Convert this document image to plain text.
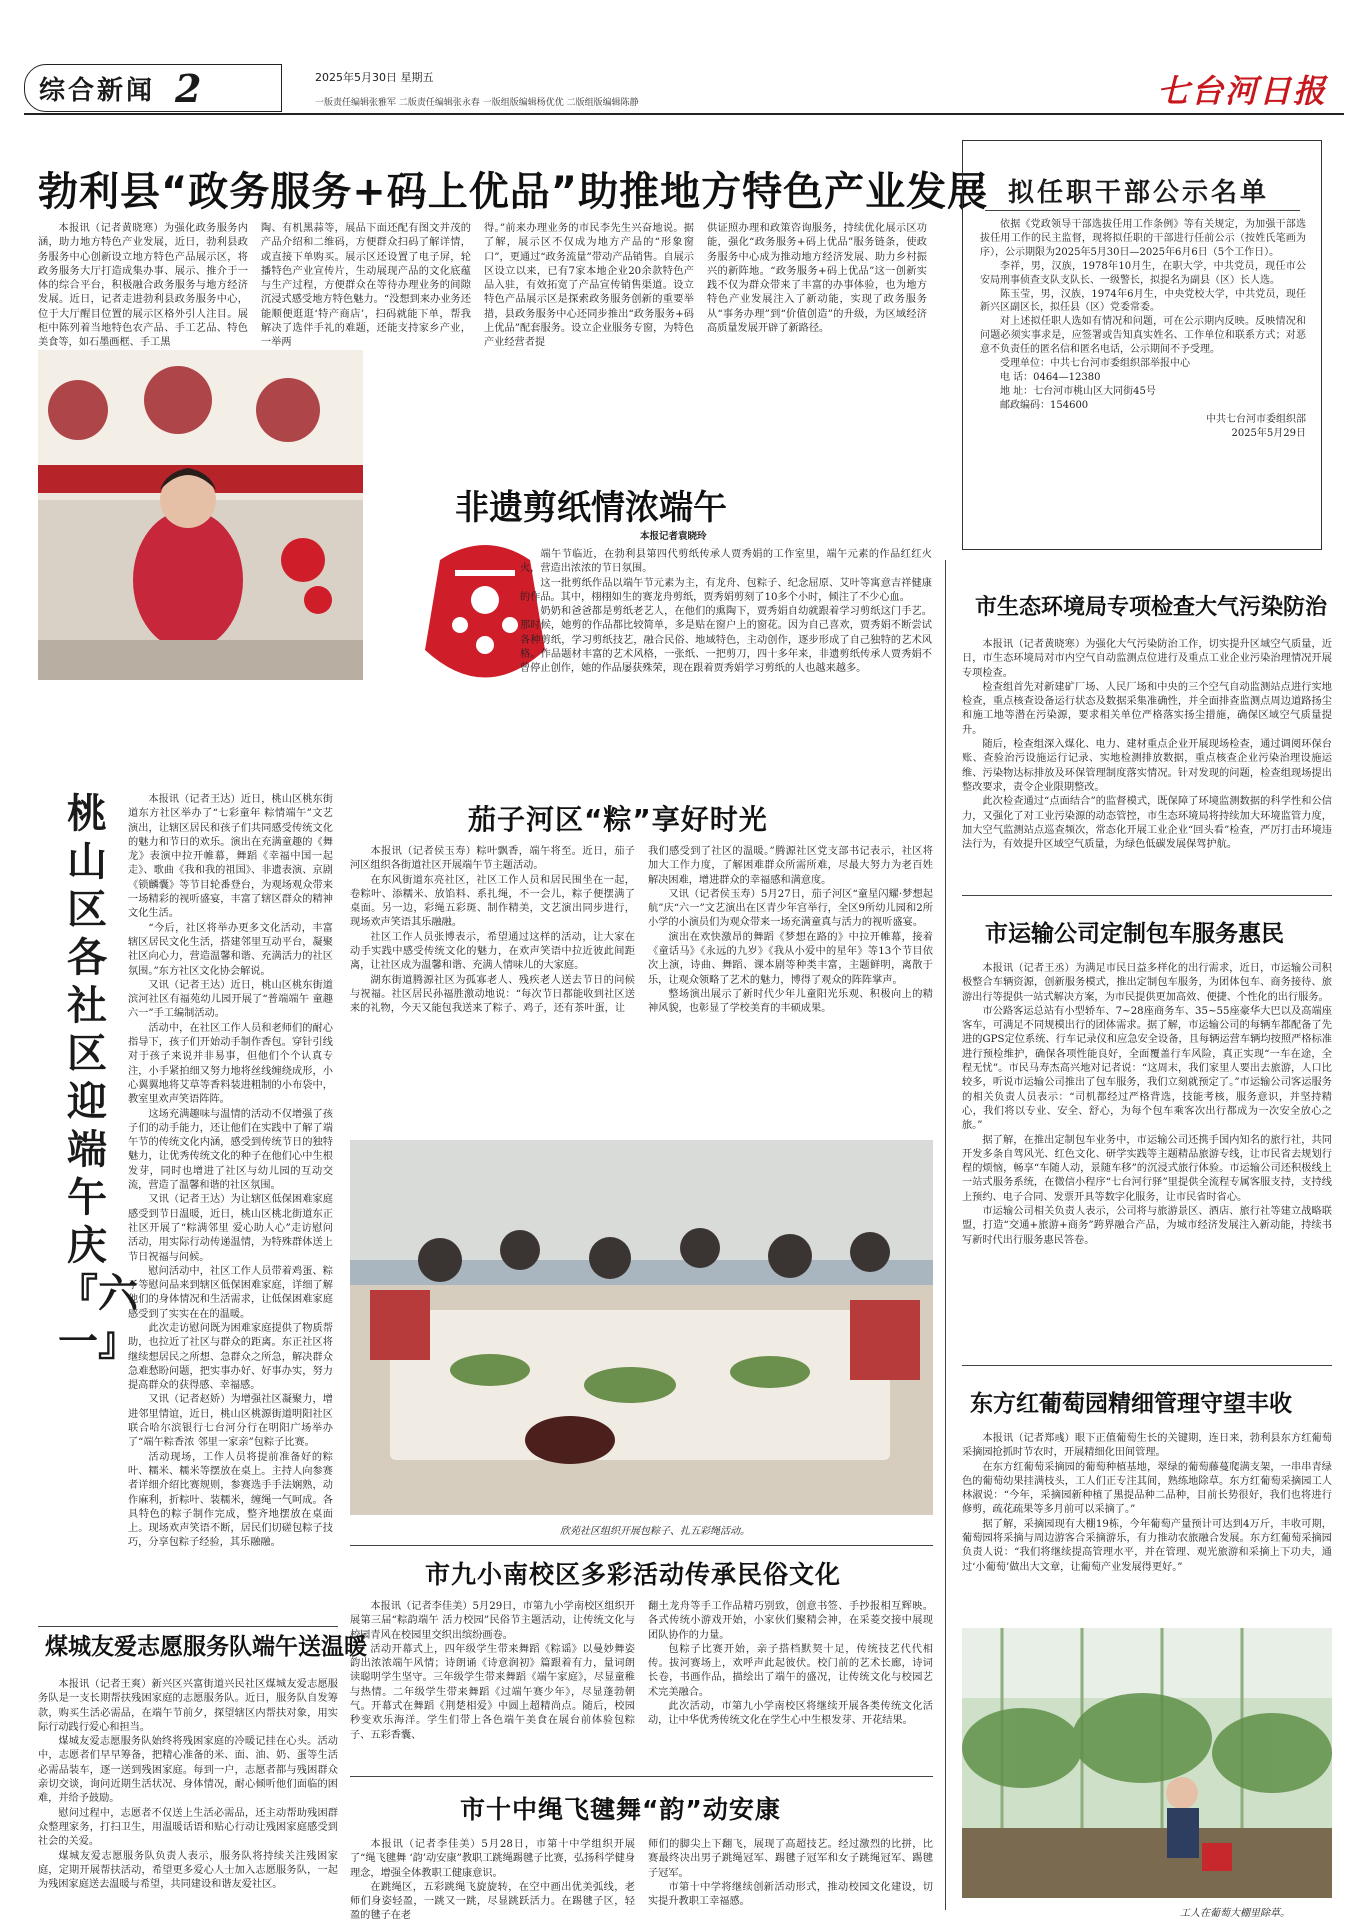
综合新闻 2	2025年5月30日 星期五
一版责任编辑张雅军 二版责任编辑张永春 一版组版编辑杨优优 二版组版编辑陈静	七台河日报
勃利县“政务服务+码上优品”助推地方特色产业发展

本报讯（记者黄晓寒）为强化政务服务内涵，助力地方特色产业发展，近日，勃利县政务服务中心创新设立地方特色产品展示区，将政务服务大厅打造成集办事、展示、推介于一体的综合平台，积极融合政务服务与地方经济发展。近日，记者走进勃利县政务服务中心，位于大厅醒目位置的展示区格外引人注目。展柜中陈列着当地特色农产品、手工艺品、特色美食等，如石墨画框、手工黑

陶、有机黑蒜等，展品下面还配有图文并茂的产品介绍和二维码，方便群众扫码了解详情，或直接下单购买。展示区还设置了电子屏，轮播特色产业宣传片，生动展现产品的文化底蕴与生产过程，方便群众在等待办理业务的间隙沉浸式感受地方特色魅力。“没想到来办业务还能顺便逛逛‘特产商店’，扫码就能下单，帮我解决了选伴手礼的难题，还能支持家乡产业，一举两

得。”前来办理业务的市民李先生兴奋地说。据了解，展示区不仅成为地方产品的“形象窗口”，更通过“政务流量”带动产品销售。自展示区设立以来，已有7家本地企业20余款特色产品入驻，有效拓宽了产品宣传销售渠道。设立特色产品展示区是探索政务服务创新的重要举措，县政务服务中心还同步推出“政务服务+码上优品”配套服务。设立企业服务专窗，为特色产业经营者提

供证照办理和政策咨询服务，持续优化展示区功能，强化“政务服务+码上优品”服务链条，使政务服务中心成为推动地方经济发展、助力乡村振兴的新阵地。“政务服务+码上优品”这一创新实践不仅为群众带来了丰富的办事体验，也为地方特色产业发展注入了新动能，实现了政务服务从“事务办理”到“价值创造”的升级，为区域经济高质量发展开辟了新路径。

拟任职干部公示名单

依据《党政领导干部选拔任用工作条例》等有关规定，为加强干部选拔任用工作的民主监督，现将拟任职的干部进行任前公示（按姓氏笔画为序），公示期限为2025年5月30日—2025年6月6日（5个工作日）。

李祥，男，汉族，1978年10月生，在职大学，中共党员，现任市公安局刑事侦查支队支队长、一级警长，拟提名为副县（区）长人选。

陈玉莹，男，汉族，1974年6月生，中央党校大学，中共党员，现任新兴区副区长，拟任县（区）党委常委。

对上述拟任职人选如有情况和问题，可在公示期内反映。反映情况和问题必须实事求是，应签署或告知真实姓名、工作单位和联系方式；对恶意不负责任的匿名信和匿名电话，公示期间不予受理。

受理单位：中共七台河市委组织部举报中心

电 话：0464—12380

地 址：七台河市桃山区大同街45号

邮政编码：154600

中共七台河市委组织部

2025年5月29日

非遗剪纸情浓端午
本报记者袁晓玲

端午节临近，在勃利县第四代剪纸传承人贾秀娟的工作室里，端午元素的作品红红火火，营造出浓浓的节日氛围。

这一批剪纸作品以端午节元素为主，有龙舟、包粽子、纪念屈原、艾叶等寓意吉祥健康的作品。其中，栩栩如生的赛龙舟剪纸，贾秀娟剪刻了10多个小时，倾注了不少心血。

奶奶和爸爸都是剪纸老艺人，在他们的熏陶下，贾秀娟自幼就跟着学习剪纸这门手艺。那时候，她剪的作品都比较简单，多是贴在窗户上的窗花。因为自己喜欢，贾秀娟不断尝试各种剪纸，学习剪纸技艺，融合民俗、地域特色，主动创作，逐步形成了自己独特的艺术风格。作品题材丰富的艺术风格，一张纸、一把剪刀，四十多年来，非遗剪纸传承人贾秀娟不曾停止创作，她的作品屡获殊荣，现在跟着贾秀娟学习剪纸的人也越来越多。

桃山区各社区迎端午庆『六一』

本报讯（记者王达）近日，桃山区桃东街道东方社区举办了“七彩童年 粽情端午”文艺演出，让辖区居民和孩子们共同感受传统文化的魅力和节日的欢乐。演出在充满童趣的《舞龙》表演中拉开帷幕，舞蹈《幸福中国一起走》、歌曲《我和我的祖国》、非遗表演、京剧《锁麟囊》等节目轮番登台，为观场观众带来一场精彩的视听盛宴，丰富了辖区群众的精神文化生活。

“今后，社区将举办更多文化活动，丰富辖区居民文化生活，搭建邻里互动平台，凝聚社区向心力，营造温馨和谐、充满活力的社区氛围。”东方社区文化协会解说。

又讯（记者王达）近日，桃山区桃东街道滨河社区有福苑幼儿园开展了“普端端午 童趣六一”手工编制活动。

活动中，在社区工作人员和老师们的耐心指导下，孩子们开始动手制作香包。穿针引线对于孩子来说并非易事，但他们个个认真专注，小手紧拍细又努力地将丝线缠绕成形，小心翼翼地将艾草等香料装进粗制的小布袋中，教室里欢声笑语阵阵。

这场充满趣味与温情的活动不仅增强了孩子们的动手能力，还让他们在实践中了解了端午节的传统文化内涵，感受到传统节日的独特魅力，让优秀传统文化的种子在他们心中生根发芽，同时也增进了社区与幼儿园的互动交流，营造了温馨和谐的社区氛围。

又讯（记者王达）为让辖区低保困难家庭感受到节日温暖，近日，桃山区桃北街道东正社区开展了“粽满邻里 爱心助人心”走访慰问活动，用实际行动传递温情，为特殊群体送上节日祝福与问候。

慰问活动中，社区工作人员带着鸡蛋、粽子等慰问品来到辖区低保困难家庭，详细了解他们的身体情况和生活需求，让低保困难家庭感受到了实实在在的温暖。

此次走访慰问既为困难家庭提供了物质帮助，也拉近了社区与群众的距离。东正社区将继续想居民之所想、急群众之所急，解决群众急难愁盼问题，把实事办好、好事办实，努力提高群众的获得感、幸福感。

又讯（记者赵娇）为增强社区凝聚力，增进邻里情谊，近日，桃山区桃源街道明阳社区联合哈尔滨银行七台河分行在明阳广场举办了“端午粽香浓 邻里一家亲”包粽子比赛。

活动现场，工作人员将提前准备好的粽叶、糯米、糯米等摆放在桌上。主持人向参赛者详细介绍比赛规则，参赛选手手法娴熟，动作麻利，折粽叶、装糯米，缠绳一气呵成。各具特色的粽子制作完成，整齐地摆放在桌面上。现场欢声笑语不断，居民们切磋包粽子技巧，分享包粽子经验，其乐融融。

煤城友爱志愿服务队端午送温暖

本报讯（记者王爽）新兴区兴富街道兴民社区煤城友爱志愿服务队是一支长期帮扶残困家庭的志愿服务队。近日，服务队自发筹款，购买生活必需品，在端午节前夕，探望辖区内帮扶对象，用实际行动践行爱心和担当。

煤城友爱志愿服务队始终将残困家庭的冷暖记挂在心头。活动中，志愿者们早早筹备，把精心准备的米、面、油、奶、蛋等生活必需品装车，逐一送到残困家庭。每到一户，志愿者都与残困群众亲切交谈，询问近期生活状况、身体情况，耐心倾听他们面临的困难，并给予鼓励。

慰问过程中，志愿者不仅送上生活必需品，还主动帮助残困群众整理家务，打扫卫生，用温暖话语和贴心行动让残困家庭感受到社会的关爱。

煤城友爱志愿服务队负责人表示，服务队将持续关注残困家庭，定期开展帮扶活动，希望更多爱心人士加入志愿服务队，一起为残困家庭送去温暖与希望，共同建设和谐友爱社区。

茄子河区“粽”享好时光

本报讯（记者侯玉寿）粽叶飘香，端午将至。近日，茄子河区组织各街道社区开展端午节主题活动。

在东风街道东亮社区，社区工作人员和居民围坐在一起，卷粽叶、添糯米、放馅料、系扎绳，不一会儿，粽子便摆满了桌面。另一边，彩绳五彩斑、制作精美，文艺演出同步进行，现场欢声笑语其乐融融。

社区工作人员张博表示，希望通过这样的活动，让大家在动手实践中感受传统文化的魅力，在欢声笑语中拉近彼此间距离，让社区成为温馨和谐、充满人情味儿的大家庭。

湖东街道腾源社区为孤寡老人、残疾老人送去节日的问候与祝福。社区居民孙福胜激动地说：“每次节日都能收到社区送来的礼物，今天又能包我送来了粽子、鸡子，还有茶叶蛋，让

我们感受到了社区的温暖。”腾源社区党支部书记表示，社区将加大工作力度，了解困难群众所需所难，尽最大努力为老百姓解决困难，增进群众的幸福感和满意度。

又讯（记者侯玉寿）5月27日，茄子河区“童星闪耀·梦想起航”庆“六一”文艺演出在区青少年宫举行，全区9所幼儿园和2所小学的小演员们为观众带来一场充满童真与活力的视听盛宴。

演出在欢快激昂的舞蹈《梦想在路的》中拉开帷幕，接着《童话马》《永远的九岁》《我从小爱中的星年》等13个节目依次上演，诗曲、舞蹈、课本剧等种类丰富，主题鲜明，离散于乐，让观众领略了艺术的魅力，博得了观众的阵阵掌声。

整场演出展示了新时代少年儿童阳光乐观、积极向上的精神风貌，也彰显了学校美育的丰硕成果。

欣苑社区组织开展包粽子、扎五彩绳活动。
市九小南校区多彩活动传承民俗文化

本报讯（记者李佳美）5月29日，市第九小学南校区组织开展第三届“粽韵端午 活力校园”民俗节主题活动，让传统文化与校园青风在校园里交织出缤纷画卷。

活动开幕式上，四年级学生带来舞蹈《粽谣》以曼妙舞姿韵出浓浓端午风情；诗朗诵《诗意润初》篇跟着有力，量词朗读聪明学生坚守。三年级学生带来舞蹈《端午家庭》，尽显童稚与热情。二年级学生带来舞蹈《过端午赛少年》，尽显蓬勃朝气。开幕式在舞蹈《荆楚相爱》中圆上超精尚点。随后，校园秒变欢乐海洋。学生们带上各色端午美食在展台前体验包粽子、五彩香囊、

翻土龙舟等手工作品精巧别致，创意书签、手抄报相互辉映。各式传统小游戏开始，小家伙们聚精会神，在采菱交接中展现团队协作的力量。

包粽子比赛开始，亲子搭档默契十足，传统技艺代代相传。拔河赛场上，欢呼声此起彼伏。校门前的艺术长廊，诗词长卷，书画作品，描绘出了端午的盛况，让传统文化与校园艺术完美融合。

此次活动，市第九小学南校区将继续开展各类传统文化活动，让中华优秀传统文化在学生心中生根发芽、开花结果。

市十中绳飞毽舞“韵”动安康

本报讯（记者李佳美）5月28日，市第十中学组织开展了“绳飞毽舞 ‘韵’动安康”教职工跳绳踢毽子比赛，弘扬科学健身理念，增强全体教职工健康意识。

在跳绳区，五彩跳绳飞旋旋转，在空中画出优美弧线，老师们身姿轻盈，一跳又一跳，尽显跳跃活力。在踢毽子区，轻盈的毽子在老

师们的脚尖上下翻飞，展现了高超技艺。经过激烈的比拼，比赛最终决出男子跳绳冠军、踢毽子冠军和女子跳绳冠军、踢毽子冠军。

市第十中学将继续创新活动形式，推动校园文化建设，切实提升教职工幸福感。

市生态环境局专项检查大气污染防治

本报讯（记者黄晓寒）为强化大气污染防治工作，切实提升区域空气质量，近日，市生态环境局对市内空气自动监测点位进行及重点工业企业污染治理情况开展专项检查。

检查组首先对新建矿厂场、人民厂场和中央的三个空气自动监测站点进行实地检查，重点核查设备运行状态及数据采集准确性，并全面排查监测点周边道路扬尘和施工地等潜在污染源，要求相关单位严格落实扬尘措施，确保区域空气质量提升。

随后，检查组深入煤化、电力、建材重点企业开展现场检查，通过调阅环保台账、查验治污设施运行记录、实地检测排放数据，重点核查企业污染治理设施运维、污染物达标排放及环保管理制度落实情况。针对发现的问题，检查组现场提出整改要求，责令企业限期整改。

此次检查通过“点面结合”的监督模式，既保障了环境监测数据的科学性和公信力，又强化了对工业污染源的动态管控，市生态环境局将持续加大环境监管力度，加大空气监测站点巡查频次，常态化开展工业企业“回头看”检查，严厉打击环境违法行为，有效提升区域空气质量，为绿色低碳发展保驾护航。

市运输公司定制包车服务惠民

本报讯（记者王丞）为满足市民日益多样化的出行需求，近日，市运输公司积极整合车辆资源，创新服务模式，推出定制包车服务，为团体包车、商务接待、旅游出行等提供一站式解决方案，为市民提供更加高效、便捷、个性化的出行服务。

市公路客运总站有小型轿车、7~28座商务车、35~55座豪华大巴以及高端座客车，可满足不同规模出行的团体需求。据了解，市运输公司的每辆车都配备了先进的GPS定位系统、行车记录仪和应急安全设备，且每辆运营车辆均按照严格标准进行预检维护，确保各项性能良好，全面覆盖行车风险，真正实现“一车在途，全程无忧”。市民马寿杰高兴地对记者说：“这周末，我们家里人要出去旅游，人口比较多，听说市运输公司推出了包车服务，我们立刻就预定了。”市运输公司客运服务的相关负责人员表示：“司机都经过严格背选，技能考核，服务意识，并坚持精心，我们将以专业、安全、舒心，为每个包车乘客次出行都成为一次安全放心之旅。”

据了解，在推出定制包车业务中，市运输公司还携手国内知名的旅行社，共同开发多条自驾风光、红色文化、研学实践等主题精品旅游专线，让市民省去规划行程的烦恼，畅享“车随人动，景随车移”的沉浸式旅行体验。市运输公司还积极线上一站式服务系统，在微信小程序“七台河行驿”里提供全流程专属客服支持，支持线上预约、电子合同、发票开具等数字化服务，让市民省时省心。

市运输公司相关负责人表示，公司将与旅游景区、酒店、旅行社等建立战略联盟，打造“交通+旅游+商务”跨界融合产品，为城市经济发展注入新动能，持续书写新时代出行服务惠民答卷。

东方红葡萄园精细管理守望丰收

本报讯（记者郑彧）眼下正值葡萄生长的关键期，连日来，勃利县东方红葡萄采摘园抢抓时节农时，开展精细化田间管理。

在东方红葡萄采摘园的葡萄种植基地，翠绿的葡萄藤蔓爬满支架，一串串青绿色的葡萄幼果挂满枝头，工人们正专注其间，熟练地除草。东方红葡萄采摘园工人林淑说：“今年，采摘园新种植了黑提品种二品种，目前长势很好，我们也将进行修剪，疏花疏果等多月前可以采摘了。”

据了解，采摘园现有大棚19栋，今年葡萄产量预计可达到4万斤，丰收可期，葡萄园将采摘与周边游客合采摘游乐，有力推动农旅融合发展。东方红葡萄采摘园负责人说：“我们将继续提高管理水平，并在管理、观光旅游和采摘上下功夫，通过‘小葡萄’做出大文章，让葡萄产业发展得更好。”

工人在葡萄大棚里除草。
